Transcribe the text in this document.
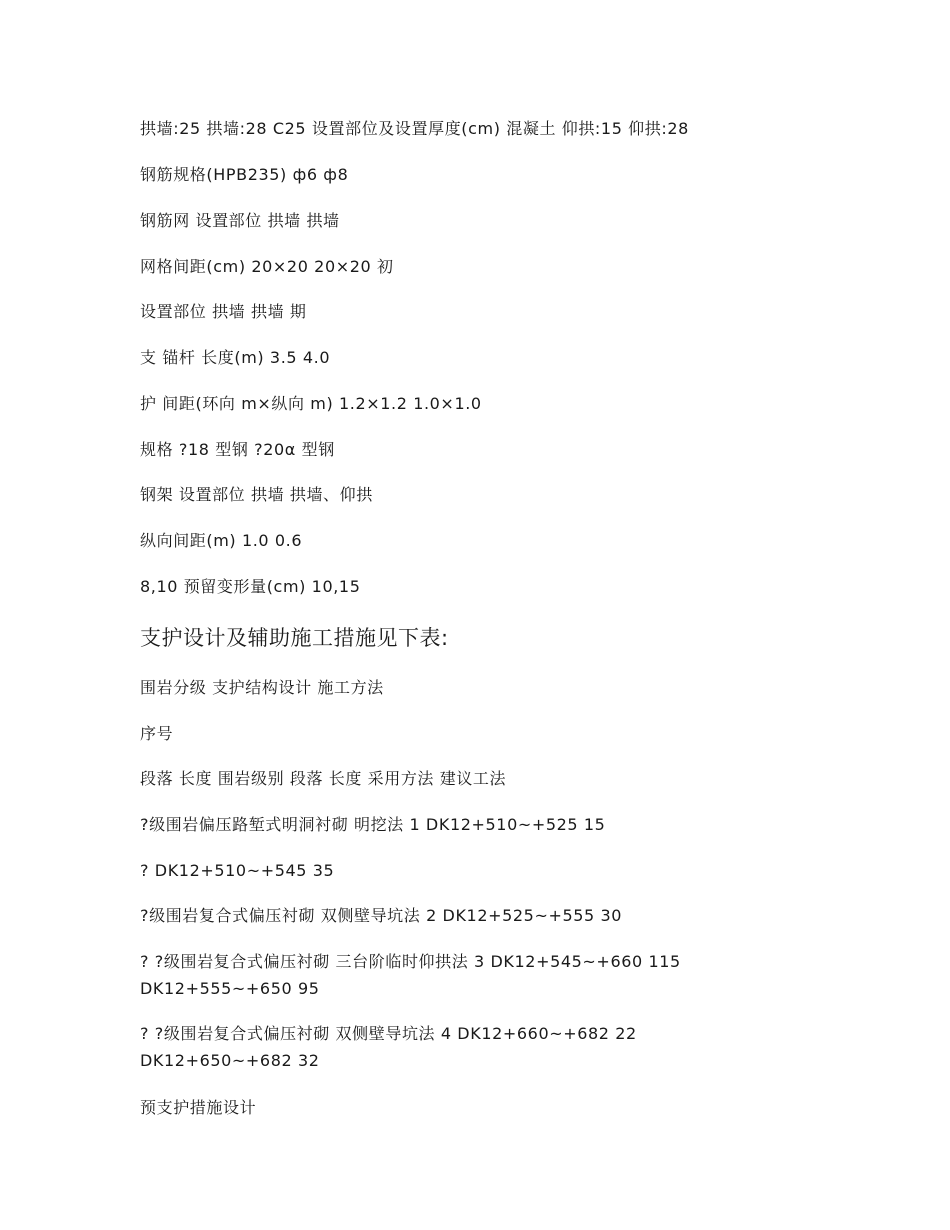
拱墙:25 拱墙:28 C25 设置部位及设置厚度(cm) 混凝土 仰拱:15 仰拱:28

钢筋规格(HPB235) ф6 ф8

钢筋网 设置部位 拱墙 拱墙

网格间距(cm) 20×20 20×20 初

设置部位 拱墙 拱墙 期

支 锚杆 长度(m) 3.5 4.0

护 间距(环向 m×纵向 m) 1.2×1.2 1.0×1.0

规格 ?18 型钢 ?20α 型钢

钢架 设置部位 拱墙 拱墙、仰拱

纵向间距(m) 1.0 0.6

8,10 预留变形量(cm) 10,15

支护设计及辅助施工措施见下表:

围岩分级 支护结构设计 施工方法

序号

段落 长度 围岩级别 段落 长度 采用方法 建议工法

?级围岩偏压路堑式明洞衬砌 明挖法 1 DK12+510~+525 15

? DK12+510~+545 35

?级围岩复合式偏压衬砌 双侧壁导坑法 2 DK12+525~+555 30

? ?级围岩复合式偏压衬砌 三台阶临时仰拱法 3 DK12+545~+660 115

DK12+555~+650 95

? ?级围岩复合式偏压衬砌 双侧壁导坑法 4 DK12+660~+682 22

DK12+650~+682 32

预支护措施设计
